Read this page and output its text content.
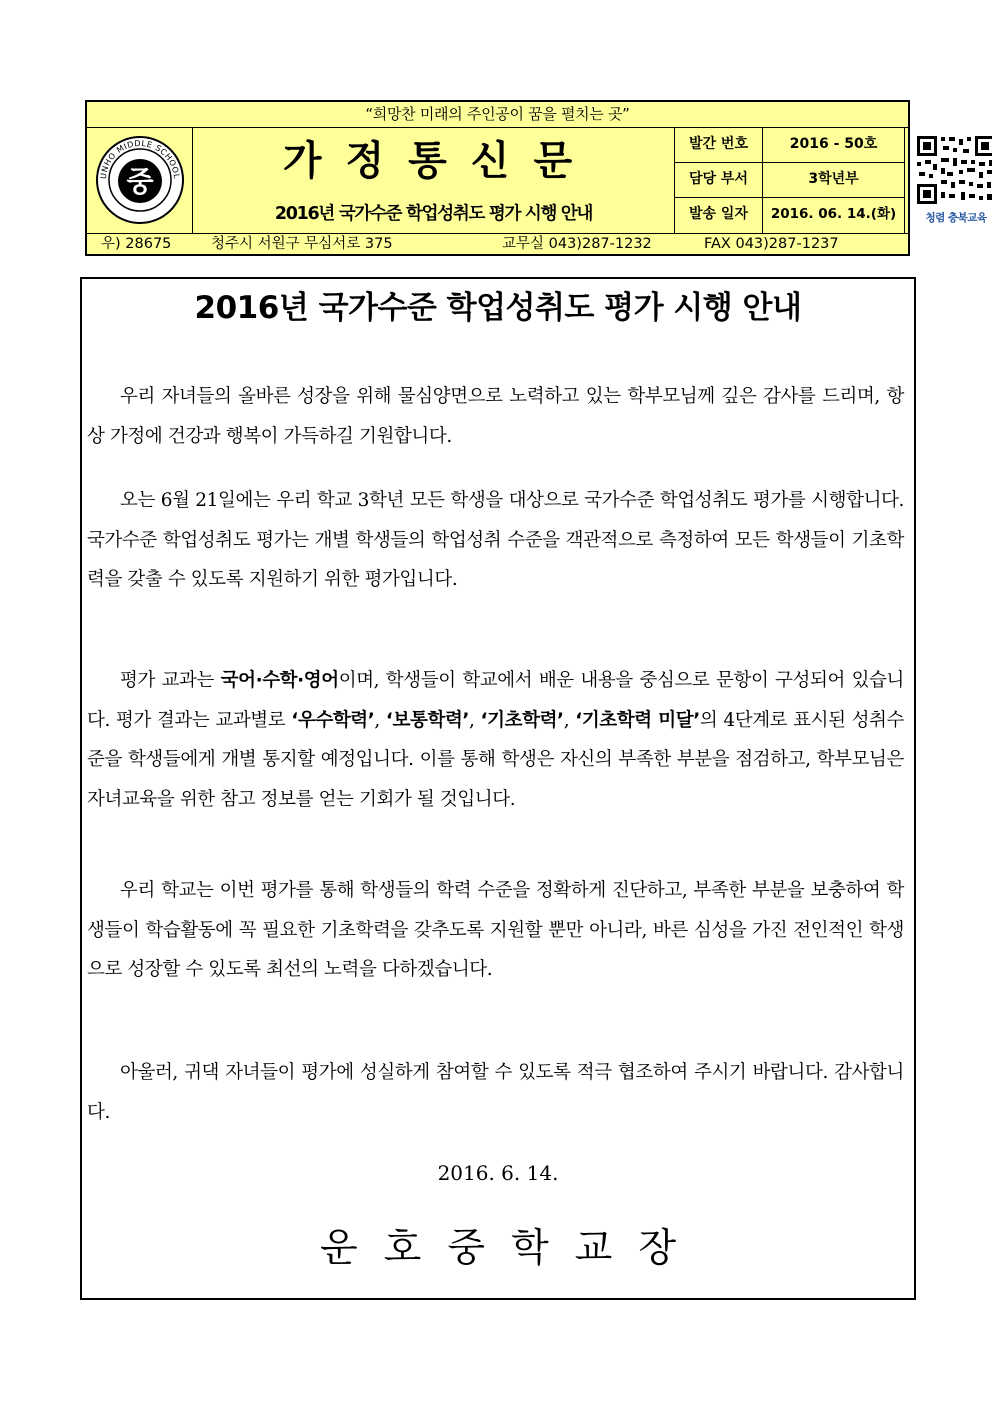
“희망찬 미래의 주인공이 꿈을 펼치는 곳”
UNHO MIDDLE SCHOOL
중	가정통신문
2016년 국가수준 학업성취도 평가 시행 안내
발간 번호	2016 - 50호
담당 부서	3학년부
발송 일자	2016. 06. 14.(화)	청렴 충북교육
우) 28675	청주시 서원구 무심서로 375	교무실 043)287-1232	FAX 043)287-1237
2016년 국가수준 학업성취도 평가 시행 안내

우리 자녀들의 올바른 성장을 위해 물심양면으로 노력하고 있는 학부모님께 깊은 감사를 드리며, 항상 가정에 건강과 행복이 가득하길 기원합니다.

오는 6월 21일에는 우리 학교 3학년 모든 학생을 대상으로 국가수준 학업성취도 평가를 시행합니다. 국가수준 학업성취도 평가는 개별 학생들의 학업성취 수준을 객관적으로 측정하여 모든 학생들이 기초학력을 갖출 수 있도록 지원하기 위한 평가입니다.

평가 교과는 국어·수학·영어이며, 학생들이 학교에서 배운 내용을 중심으로 문항이 구성되어 있습니다. 평가 결과는 교과별로 ‘우수학력’, ‘보통학력’, ‘기초학력’, ‘기초학력 미달’의 4단계로 표시된 성취수준을 학생들에게 개별 통지할 예정입니다. 이를 통해 학생은 자신의 부족한 부분을 점검하고, 학부모님은 자녀교육을 위한 참고 정보를 얻는 기회가 될 것입니다.

우리 학교는 이번 평가를 통해 학생들의 학력 수준을 정확하게 진단하고, 부족한 부분을 보충하여 학생들이 학습활동에 꼭 필요한 기초학력을 갖추도록 지원할 뿐만 아니라, 바른 심성을 가진 전인적인 학생으로 성장할 수 있도록 최선의 노력을 다하겠습니다.

아울러, 귀댁 자녀들이 평가에 성실하게 참여할 수 있도록 적극 협조하여 주시기 바랍니다. 감사합니다.

2016. 6. 14.
운호중학교장
